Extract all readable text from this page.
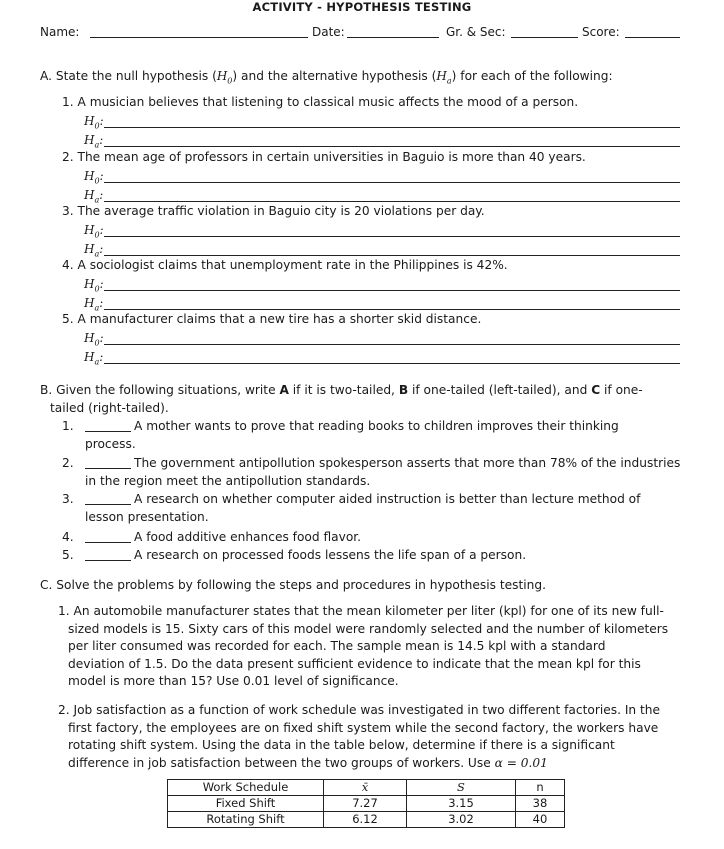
ACTIVITY - HYPOTHESIS TESTING
Name:	Date:	Gr. & Sec:	Score:
A. State the null hypothesis $(H_0)$ and the alternative hypothesis $(H_a)$ for each of the following:
1. A musician believes that listening to classical music affects the mood of a person.
$H_0$:
$H_a$:
2. The mean age of professors in certain universities in Baguio is more than 40 years.
$H_0$:
$H_a$:
3. The average traffic violation in Baguio city is 20 violations per day.
$H_0$:
$H_a$:
4. A sociologist claims that unemployment rate in the Philippines is 42%.
$H_0$:
$H_a$:
5. A manufacturer claims that a new tire has a shorter skid distance.
$H_0$:
$H_a$:
B. Given the following situations, write A if it is two-tailed, B if one-tailed (left-tailed), and C if one-
tailed (right-tailed).
1.	A mother wants to prove that reading books to children improves their thinking
process.
2.	The government antipollution spokesperson asserts that more than 78% of the industries
in the region meet the antipollution standards.
3.	A research on whether computer aided instruction is better than lecture method of
lesson presentation.
4.	A food additive enhances food flavor.
5.	A research on processed foods lessens the life span of a person.
C. Solve the problems by following the steps and procedures in hypothesis testing.
1. An automobile manufacturer states that the mean kilometer per liter (kpl) for one of its new full-
sized models is 15. Sixty cars of this model were randomly selected and the number of kilometers
per liter consumed was recorded for each. The sample mean is 14.5 kpl with a standard
deviation of 1.5. Do the data present sufficient evidence to indicate that the mean kpl for this
model is more than 15? Use 0.01 level of significance.
2. Job satisfaction as a function of work schedule was investigated in two different factories. In the
first factory, the employees are on fixed shift system while the second factory, the workers have
rotating shift system. Using the data in the table below, determine if there is a significant
difference in job satisfaction between the two groups of workers. Use α = 0.01
Work Schedule	x̄	S	n
Fixed Shift	7.27	3.15	38
Rotating Shift	6.12	3.02	40
